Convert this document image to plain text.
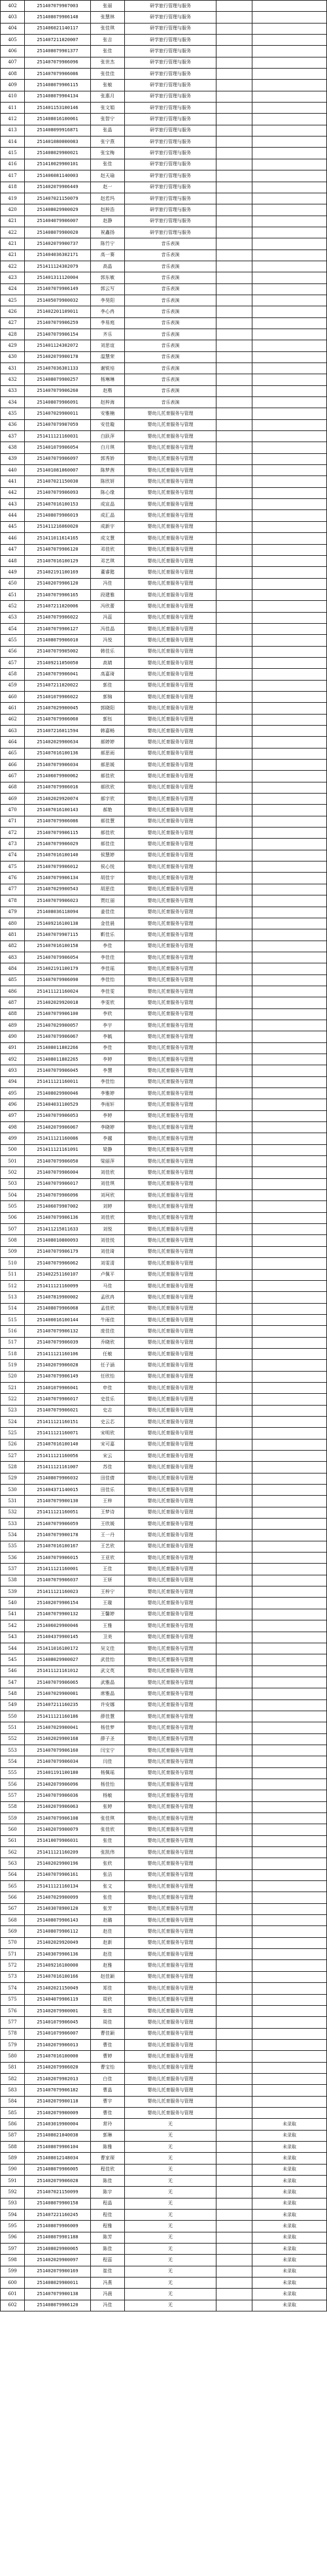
402	251407079907003	张丽	研学旅行管理与服务		
403	251408079906148	张慧林	研学旅行管理与服务		
404	251406021140117	张佳琪	研学旅行管理与服务		
405	251407211020007	张吉	研学旅行管理与服务		
406	251408079901377	张佳	研学旅行管理与服务		
407	251407079906096	张世杰	研学旅行管理与服务		
408	251407079906086	张佳佳	研学旅行管理与服务		
409	251408079906115	张敏	研学旅行管理与服务		
410	251408079904134	张惠月	研学旅行管理与服务		
411	251401153100146	张文娟	研学旅行管理与服务		
412	251408016100061	张智宁	研学旅行管理与服务		
413	251408099916871	张晶	研学旅行管理与服务		
414	251401080000083	张宁燕	研学旅行管理与服务		
415	251408029900021	张宝梅	研学旅行管理与服务		
416	251410029900101	张佳	研学旅行管理与服务		
417	251406081140003	赵天瑜	研学旅行管理与服务		
418	251402079906449	赵一	研学旅行管理与服务		
419	251407021150079	赵若玛	研学旅行管理与服务		
420	251408029900029	赵梓浩	研学旅行管理与服务		
421	251404079906007	赵静	研学旅行管理与服务		
422	251408079900020	祝鑫扬	研学旅行管理与服务		
421	251402079900737	陈竹宁	音乐表演		
421	251404036302171	高一赛	音乐表演		
422	251411124302079	高晶	音乐表演		
423	251401311120004	郭东敏	音乐表演		
424	251407079906149	郭云写	音乐表演		
425	251405079900032	李昊阳	音乐表演		
426	251402201109011	李心冉	音乐表演		
427	251407079906259	李易庭	音乐表演		
428	251407079906154	齐乐	音乐表演		
429	251401124302072	刘思谊	音乐表演		
430	251402079900178	温慧荣	音乐表演		
431	251407036301133	谢锐培	音乐表演		
432	251408079900257	杨琳琳	音乐表演		
433	251407079906260	赵楷	音乐表演		
434	251408079906091	赵梓海	音乐表演		
435	251407029900011	安雅楠	婴幼儿托育服务与管理		
436	251407079907059	安佳璇	婴幼儿托育服务与管理		
437	251411121160031	白跃萍	婴幼儿托育服务与管理		
438	251401079906054	白月琪	婴幼儿托育服务与管理		
439	251407079906097	郭秀娇	婴幼儿托育服务与管理		
440	251401081060007	陈梦茜	婴幼儿托育服务与管理		
441	251407021150030	陈欣妍	婴幼儿托育服务与管理		
442	251407079906093	陈心缘	婴幼儿托育服务与管理		
443	251407016100153	成宣晶	婴幼儿托育服务与管理		
444	251408079906019	成汇晶	婴幼儿托育服务与管理		
445	251411216060020	成新宇	婴幼儿托育服务与管理		
446	251411011614165	成文慧	婴幼儿托育服务与管理		
447	251407079906120	邓佳欣	婴幼儿托育服务与管理		
448	251407016100129	邓艺琪	婴幼儿托育服务与管理		
449	251402191100169	董睿懿	婴幼儿托育服务与管理		
450	251402079906120	冯佳	婴幼儿托育服务与管理		
451	251407079906165	段建雅	婴幼儿托育服务与管理		
452	251407211020006	冯欣蕾	婴幼儿托育服务与管理		
453	251407079906022	冯蕊	婴幼儿托育服务与管理		
454	251407079906127	冯佳晶	婴幼儿托育服务与管理		
455	251408079906010	冯悦	婴幼儿托育服务与管理		
456	251407079905002	韩佳乐	婴幼儿托育服务与管理		
457	251409211050050	高婧	婴幼儿托育服务与管理		
458	251407079906041	高嘉琦	婴幼儿托育服务与管理		
459	251407211020022	郭佳	婴幼儿托育服务与管理		
460	251401079906022	郭锦	婴幼儿托育服务与管理		
461	251407029900045	郭晓阳	婴幼儿托育服务与管理		
462	251407079906060	郭钰	婴幼儿托育服务与管理		
463	251407216011594	韩嘉畅	婴幼儿托育服务与管理		
464	251402029900634	郝婷婷	婴幼儿托育服务与管理		
465	251407016100136	郝思雨	婴幼儿托育服务与管理		
466	251407079906034	郝思媛	婴幼儿托育服务与管理		
467	251406079900062	郝佳欣	婴幼儿托育服务与管理		
468	251407079906016	郝欣欣	婴幼儿托育服务与管理		
469	251402029920074	郝宇欣	婴幼儿托育服务与管理		
470	251407016100143	郝艳	婴幼儿托育服务与管理		
471	251407079906086	郝佳慧	婴幼儿托育服务与管理		
472	251407079906115	郝佳欣	婴幼儿托育服务与管理		
473	251407079906029	郝佳佳	婴幼儿托育服务与管理		
474	251407016100140	侯慧婷	婴幼儿托育服务与管理		
475	251407079906012	侯心悦	婴幼儿托育服务与管理		
476	251407079906134	胡佳宇	婴幼儿托育服务与管理		
477	251407029900543	胡思佳	婴幼儿托育服务与管理		
478	251407079906023	贾红丽	婴幼儿托育服务与管理		
479	251408036118094	姜佳佳	婴幼儿托育服务与管理		
480	251409216100138	金佳晨	婴幼儿托育服务与管理		
481	251407079907115	靳佳乐	婴幼儿托育服务与管理		
482	251407016100158	李佳	婴幼儿托育服务与管理		
483	251407079906054	李佳佳	婴幼儿托育服务与管理		
484	251402191100179	李佳瑶	婴幼儿托育服务与管理		
485	251407079906090	李佳怡	婴幼儿托育服务与管理		
486	251411121160024	李佳雯	婴幼儿托育服务与管理		
487	251402029920018	李雯欣	婴幼儿托育服务与管理		
488	251407079906100	李欣	婴幼儿托育服务与管理		
489	251407029900057	李宇	婴幼儿托育服务与管理		
490	251407079906067	李毓	婴幼儿托育服务与管理		
491	251408011802266	李佳	婴幼儿托育服务与管理		
492	251408011802265	李婷	婴幼儿托育服务与管理		
493	251407079906045	李慧	婴幼儿托育服务与管理		
494	251411121160011	李佳怡	婴幼儿托育服务与管理		
495	251408029900046	李雅婷	婴幼儿托育服务与管理		
496	251404031100529	李雨轩	婴幼儿托育服务与管理		
497	251407079906053	李婷	婴幼儿托育服务与管理		
498	251402079906067	李晓婷	婴幼儿托育服务与管理		
499	251411121160086	李越	婴幼儿托育服务与管理		
500	251411121161091	梁静	婴幼儿托育服务与管理		
501	251407079906050	梁丽萍	婴幼儿托育服务与管理		
502	251407079906004	刘佳欣	婴幼儿托育服务与管理		
503	251407079906017	刘佳琪	婴幼儿托育服务与管理		
504	251407079906096	刘珂欣	婴幼儿托育服务与管理		
505	251406079907002	刘婷	婴幼儿托育服务与管理		
506	251407079906136	刘佳欣	婴幼儿托育服务与管理		
507	251411215011633	刘悦	婴幼儿托育服务与管理		
508	251408010800093	刘佳悦	婴幼儿托育服务与管理		
509	251407079906179	刘佳琦	婴幼儿托育服务与管理		
510	251407079906062	刘雯清	婴幼儿托育服务与管理		
511	251402251160107	卢佩平	婴幼儿托育服务与管理		
512	251411121160099	马佳	婴幼儿托育服务与管理		
513	251407819900002	孟欣冉	婴幼儿托育服务与管理		
514	251408079906068	孟佳欣	婴幼儿托育服务与管理		
515	251400016100144	牛雨佳	婴幼儿托育服务与管理		
516	251407079906132	庞佳佳	婴幼儿托育服务与管理		
517	251407079906039	乔晓欣	婴幼儿托育服务与管理		
518	251411121160106	任敏	婴幼儿托育服务与管理		
519	251402079906028	任子涵	婴幼儿托育服务与管理		
520	251407079906149	任欣怡	婴幼儿托育服务与管理		
521	251401079906041	申佳	婴幼儿托育服务与管理		
522	251407079906017	史佳乐	婴幼儿托育服务与管理		
523	251407079906021	史志	婴幼儿托育服务与管理		
524	251411121160151	史云芯	婴幼儿托育服务与管理		
525	251411121160071	宋明欣	婴幼儿托育服务与管理		
526	251407016100140	宋可嘉	婴幼儿托育服务与管理		
527	251411121160056	宋云	婴幼儿托育服务与管理		
528	251411121161007	苏佳	婴幼儿托育服务与管理		
529	251408079906032	田佳倩	婴幼儿托育服务与管理		
530	251404371140015	田佳乐	婴幼儿托育服务与管理		
531	251407079900130	王梓	婴幼儿托育服务与管理		
532	251411121160051	王梦诗	婴幼儿托育服务与管理		
533	251407079906059	王欣媛	婴幼儿托育服务与管理		
534	251407079900178	王一丹	婴幼儿托育服务与管理		
535	251407016100167	王艺欣	婴幼儿托育服务与管理		
536	251407079906015	王亚欣	婴幼儿托育服务与管理		
537	251411121160001	王佳	婴幼儿托育服务与管理		
538	251407079906037	王妍	婴幼儿托育服务与管理		
539	251411121160023	王梓宁	婴幼儿托育服务与管理		
540	251402079906154	王璇	婴幼儿托育服务与管理		
541	251407079900132	王馨婷	婴幼儿托育服务与管理		
542	251406029900046	王雅	婴幼儿托育服务与管理		
543	251404379900145	卫美	婴幼儿托育服务与管理		
544	251411016100172	吴文佳	婴幼儿托育服务与管理		
545	251408029900027	武佳怡	婴幼儿托育服务与管理		
546	251411121161012	武文英	婴幼儿托育服务与管理		
547	251407079906065	武雅晶	婴幼儿托育服务与管理		
548	251407029900081	席雅晶	婴幼儿托育服务与管理		
549	251407211160235	许安娜	婴幼儿托育服务与管理		
550	251411121160186	薛佳慧	婴幼儿托育服务与管理		
551	251407029900041	杨佳梦	婴幼儿托育服务与管理		
552	251402029900168	薛子圣	婴幼儿托育服务与管理		
553	251407079906160	闫宝宁	婴幼儿托育服务与管理		
554	251407079906034	闫佳	婴幼儿托育服务与管理		
555	251401191100180	杨佩瑶	婴幼儿托育服务与管理		
556	251402079906096	杨佳怡	婴幼儿托育服务与管理		
557	251407079906036	杨敏	婴幼儿托育服务与管理		
558	251402079906063	张婷	婴幼儿托育服务与管理		
559	251407079906108	张佳琪	婴幼儿托育服务与管理		
560	251402079900079	张佳欣	婴幼儿托育服务与管理		
561	251410079906031	张佳	婴幼儿托育服务与管理		
562	251411121160209	张凯伟	婴幼儿托育服务与管理		
563	251402029900196	张欣	婴幼儿托育服务与管理		
564	251407079906161	张洁	婴幼儿托育服务与管理		
565	251411121160134	张文	婴幼儿托育服务与管理		
566	251407029900099	张佳	婴幼儿托育服务与管理		
567	251403078900120	张芳	婴幼儿托育服务与管理		
568	251408079906143	赵璐	婴幼儿托育服务与管理		
569	251408079906112	赵佳	婴幼儿托育服务与管理		
570	251402029920049	赵新	婴幼儿托育服务与管理		
571	251403079906136	赵佳	婴幼儿托育服务与管理		
572	251409216100000	赵雅	婴幼儿托育服务与管理		
573	251407016100166	赵佳颖	婴幼儿托育服务与管理		
574	251402021150049	郑佳	婴幼儿托育服务与管理		
575	251404079906119	周欣	婴幼儿托育服务与管理		
576	251402079900001	张佳	婴幼儿托育服务与管理		
577	251401079906045	周佳	婴幼儿托育服务与管理		
578	251401079906007	曹佳颖	婴幼儿托育服务与管理		
579	251402079906013	曹佳	婴幼儿托育服务与管理		
580	251407016100000	曹婷	婴幼儿托育服务与管理		
581	251402079906020	曹宝怡	婴幼儿托育服务与管理		
582	251402079902013	白佳	婴幼儿托育服务与管理		
583	251407079906182	曹晶	婴幼儿托育服务与管理		
584	251402079900118	曹宇	婴幼儿托育服务与管理		
585	251402079900009	曹佳	婴幼儿托育服务与管理		
586	251403019900004	常玲	无		未录取
587	251408021040038	郭琳	无		未录取
588	251408079906104	陈雅	无		未录取
589	251408012148034	曹家琛	无		未录取
590	251408079906005	程佳欣	无		未录取
591	251402079906028	陈佳	无		未录取
592	251407021150099	陈宇	无		未录取
593	251408079900158	程晶	无		未录取
594	251407221160245	程佳	无		未录取
595	251408079906009	程雅	无		未录取
596	251408079901188	陈芳	无		未录取
597	251408029900065	陈佳	无		未录取
598	251402029900097	程蕊	无		未录取
599	251402079900169	崔佳	无		未录取
600	251408029900011	冯燕	无		未录取
601	251407079900138	冯晨	无		未录取
602	251408079906120	冯佳	无		未录取
